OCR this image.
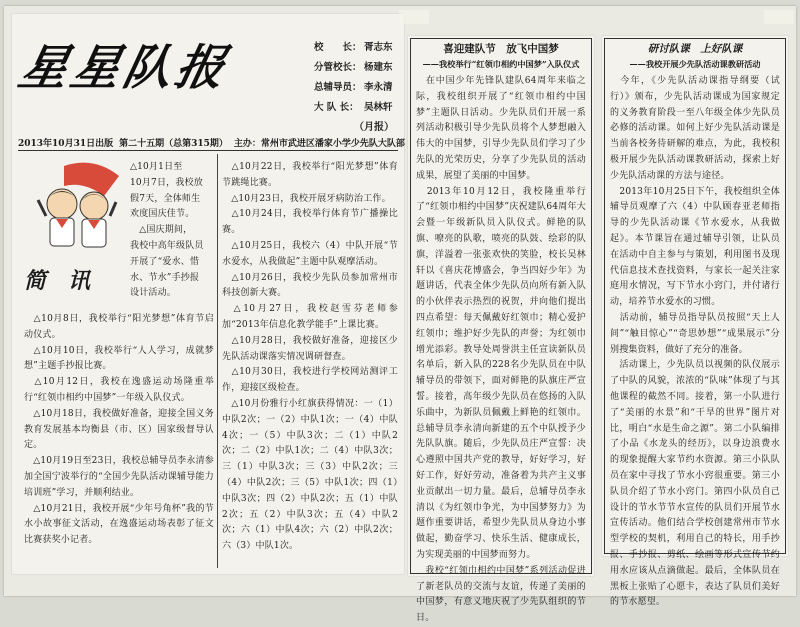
星星队报	校　　长： 胥志东
分管校长： 杨建东
总辅导员： 李永清
大 队 长： 吴林轩
（月报）
2013年10月31日出版 第二十五期（总第315期） 主办：常州市武进区潘家小学少先队大队部
简讯
△10月1日至
10月7日，我校放
假7天，全体师生
欢度国庆佳节。
　△国庆期间，
我校中高年级队员
开展了“爱水、惜
水、节水”手抄报
设计活动。
　△10月8日，我校举行“阳光梦想”体育节启动仪式。
　△10月10日，我校举行“人人学习，成就梦想”主题手抄报比赛。
　△10月12日，我校在逸盛运动场隆重举行“红领巾相约中国梦”一年级入队仪式。
　△10月18日，我校做好准备，迎接全国义务教育发展基本均衡县（市、区）国家级督导认定。
　△10月19日至23日，我校总辅导员李永清参加全国宁波举行的“全国少先队活动课辅导能力培训班”学习，并顺利结业。
　△10月21日，我校开展“少年号角杯”我的节水小故事征文活动，在逸盛运动场表彰了征文比赛获奖小记者。
　△10月22日，我校举行“阳光梦想”体育节跳绳比赛。
　△10月23日，我校开展牙病防治工作。
　△10月24日，我校举行体育节广播操比赛。
　△10月25日，我校六（4）中队开展“节水爱水，从我做起”主题中队观摩活动。
　△10月26日，我校少先队员参加常州市科技创新大赛。
　△10月27日，我校赵雪芬老师参加“2013年信息化教学能手”上课比赛。
　△10月28日，我校做好准备，迎接区少先队活动课落实情况调研督查。
　△10月30日，我校进行学校网站测评工作，迎接区级检查。
　△10月份雅行小红旗获得情况：一（1）中队2次；一（2）中队1次；一（4）中队4次；一（5）中队3次；二（1）中队2次；二（2）中队1次；二（4）中队3次；三（1）中队3次；三（3）中队2次；三（4）中队2次；三（5）中队1次；四（1）中队3次；四（2）中队2次；五（1）中队2次；五（2）中队3次；五（4）中队2次；六（1）中队4次；六（2）中队2次；六（3）中队1次。
喜迎建队节　放飞中国梦
——我校举行“红领巾相约中国梦”入队仪式
　在中国少年先锋队建队64周年来临之际，我校组织开展了“红领巾相约中国梦”主题队日活动。少先队员们开展一系列活动积极引导少先队员将个人梦想融入伟大的中国梦，引导少先队员们学习了少先队的光荣历史，分享了少先队员的活动成果，展望了美丽的中国梦。
　2013年10月12日，我校隆重举行了“红领巾相约中国梦”庆祝建队64周年大会暨一年级新队员入队仪式。鲜艳的队旗、嘹亮的队歌，喷亮的队鼓、绘彩的队旗，洋溢着一张张欢快的笑脸，校长吴林轩以《喜庆花博盛会，争当四好少年》为题讲话，代表全体少先队员向所有新入队的小伙伴表示热烈的祝贺，并向他们提出四点希望：每天佩戴好红领巾；精心爱护红领巾；维护好少先队的声誉；为红领巾增光添彩。教导处周誉洪主任宣读新队员名单后，新入队的228名少先队员在中队辅导员的带领下，面对鲜艳的队旗庄严宣誓。接着，高年级少先队员在悠扬的入队乐曲中，为新队员佩戴上鲜艳的红领巾。总辅导员李永清向新建的五个中队授予少先队队旗。随后，少先队员庄严宣誓：决心遵照中国共产党的教导，好好学习，好好工作，好好劳动，准备着为共产主义事业贡献出一切力量。最后，总辅导员李永清以《为红领巾争光，为中国梦努力》为题作重要讲话，希望少先队员从身边小事做起，勤奋学习、快乐生活、健康成长，为实现美丽的中国梦而努力。
　我校“红领巾相约中国梦”系列活动促进了新老队员的交流与友谊，传递了美丽的中国梦，有意义地庆祝了少先队组织的节日。
研讨队课　上好队课
——我校开展少先队活动课教研活动
　今年，《少先队活动课指导纲要（试行）》颁布，少先队活动课成为国家规定的义务教育阶段一至八年级全体少先队员必修的活动课。如何上好少先队活动课是当前各校务待研解的难点，为此，我校积极开展少先队活动课教研活动，探索上好少先队活动课的方法与途径。
　2013年10月25日下午，我校组织全体辅导员观摩了六（4）中队顾春亚老师指导的少先队活动课《节水爱水，从我做起》。本节课旨在通过辅导引领，让队员在活动中自主参与与策划，利用图书及现代信息技术查找资料，与家长一起关注家庭用水情况，写下节水小窍门，并付诸行动，培养节水爱水的习惯。
　活动前，辅导员指导队员按照“天上人间”“触目惊心”“奇思妙想”“成果展示”分别搜集资料，做好了充分的准备。
　活动课上，少先队员以视频的队仪展示了中队的风貌，浓浓的“队味”体现了与其他课程的截然不同。接着，第一小队进行了“美丽的水景”和“干旱的世界”图片对比，明白“水是生命之源”。第二小队编排了小品《水龙头的经历》，以身边浪费水的现象提醒大家节约水资源。第三小队队员在家中寻找了节水小窍很重要。第三小队员介绍了节水小窍门。第四小队员自己设计的节水节节水宣传的队员们开展节水宣传活动。他们结合学校创建常州市节水型学校的契机，利用自己的特长，用手抄报、手抄报、剪纸、绘画等形式宣传节约用水应该从点滴做起。最后，全体队员在黑板上张贴了心愿卡，表达了队员们美好的节水愿望。
